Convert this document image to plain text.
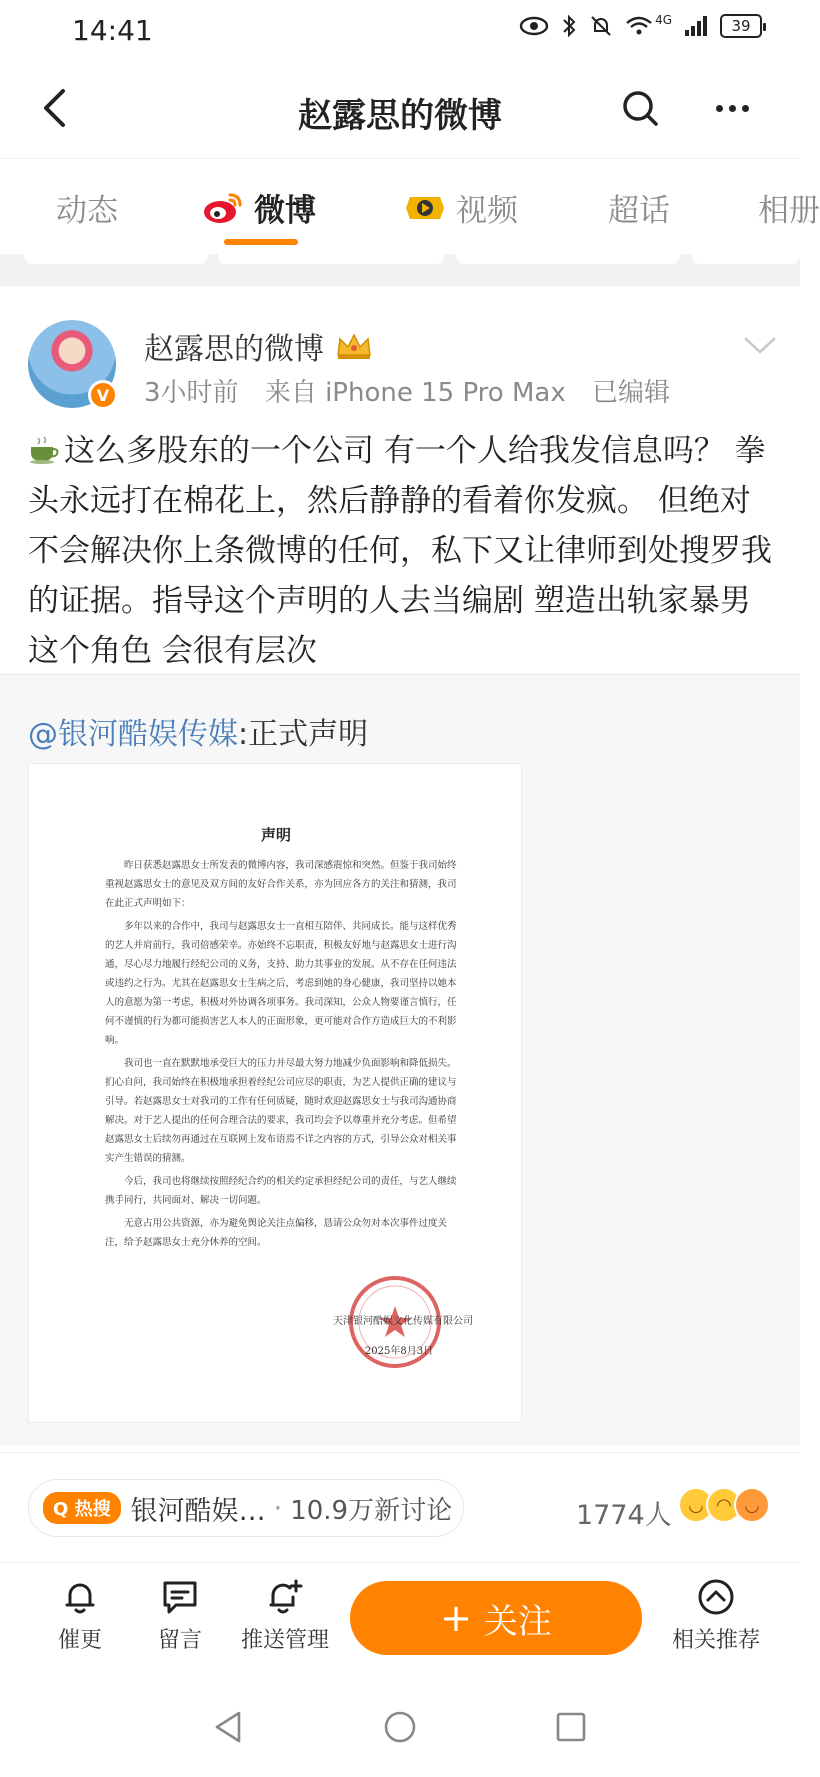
14:41	4G	39
赵露思的微博
动态	微博	视频	超话	相册
V
赵露思的微博
3小时前 来自 iPhone 15 Pro Max 已编辑
这么多股东的一个公司 有一个人给我发信息吗？ 拳头永远打在棉花上，然后静静的看着你发疯。 但绝对不会解决你上条微博的任何，私下又让律师到处搜罗我的证据。指导这个声明的人去当编剧 塑造出轨家暴男这个角色 会很有层次
@银河酷娱传媒:正式声明
声明

昨日获悉赵露思女士所发表的微博内容，我司深感震惊和突然。但鉴于我司始终重视赵露思女士的意见及双方间的友好合作关系，亦为回应各方的关注和猜测，我司在此正式声明如下：

多年以来的合作中，我司与赵露思女士一直相互陪伴、共同成长。能与这样优秀的艺人并肩前行，我司倍感荣幸。亦始终不忘职责，积极友好地与赵露思女士进行沟通，尽心尽力地履行经纪公司的义务，支持、助力其事业的发展。从不存在任何违法或违约之行为。尤其在赵露思女士生病之后，考虑到她的身心健康，我司坚持以她本人的意愿为第一考虑，积极对外协调各项事务。我司深知，公众人物要谨言慎行，任何不谨慎的行为都可能损害艺人本人的正面形象，更可能对合作方造成巨大的不利影响。

我司也一直在默默地承受巨大的压力并尽最大努力地减少负面影响和降低损失。扪心自问，我司始终在积极地承担着经纪公司应尽的职责，为艺人提供正确的建议与引导。若赵露思女士对我司的工作有任何质疑，随时欢迎赵露思女士与我司沟通协商解决。对于艺人提出的任何合理合法的要求，我司均会予以尊重并充分考虑。但希望赵露思女士后续勿再通过在互联网上发布语焉不详之内容的方式，引导公众对相关事实产生错误的猜测。

今后，我司也将继续按照经纪合约的相关约定承担经纪公司的责任，与艺人继续携手同行，共同面对、解决一切问题。

无意占用公共资源，亦为避免舆论关注点偏移，恳请公众勿对本次事件过度关注，给予赵露思女士充分休养的空间。

天津银河酷娱文化传媒有限公司
2025年8月3日
Q 热搜 银河酷娱… · 10.9万新讨论	1774人 ◡ ◠ ◡
催更	留言	推送管理
+ 关注	相关推荐
